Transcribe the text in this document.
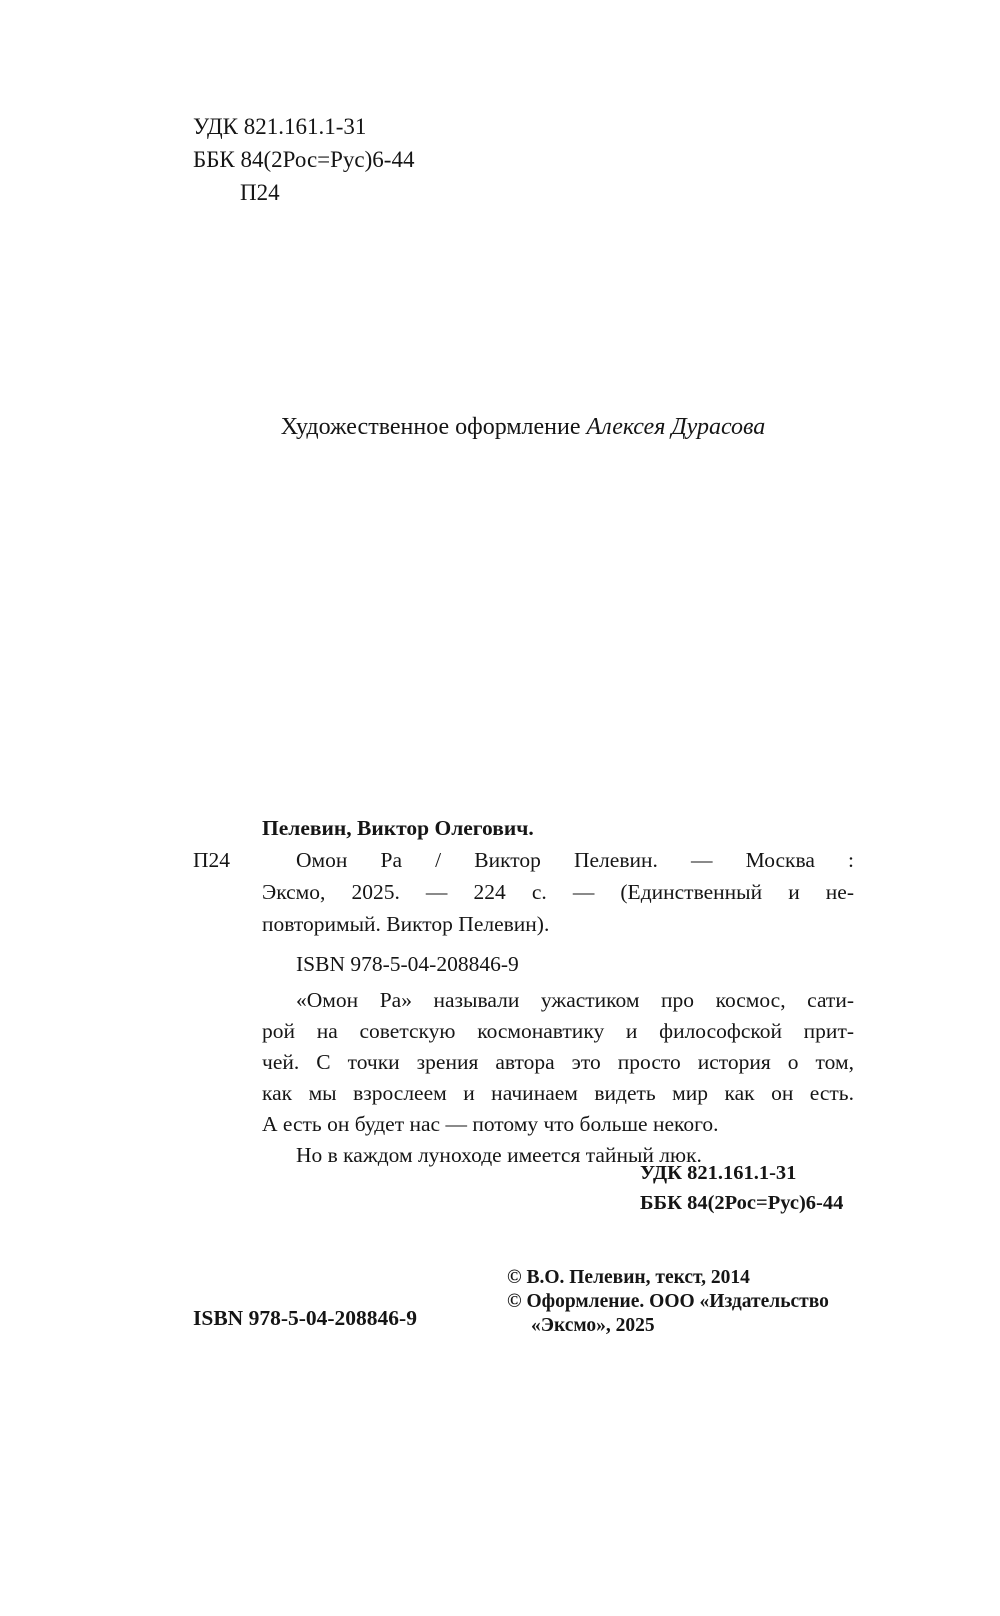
УДК 821.161.1-31
ББК 84(2Рос=Рус)6-44
П24
Художественное оформление Алексея Дурасова
П24
Пелевин, Виктор Олегович.
Омон Ра / Виктор Пелевин. — Москва :
Эксмо, 2025. — 224 с. — (Единственный и не-
повторимый. Виктор Пелевин).
ISBN 978-5-04-208846-9
«Омон Ра» называли ужастиком про космос, сати-
рой на советскую космонавтику и философской прит-
чей. С точки зрения автора это просто история о том,
как мы взрослеем и начинаем видеть мир как он есть.
А есть он будет нас — потому что больше некого.
Но в каждом луноходе имеется тайный люк.
УДК 821.161.1-31
ББК 84(2Рос=Рус)6-44
ISBN 978-5-04-208846-9
© В.О. Пелевин, текст, 2014
© Оформление. ООО «Издательство
«Эксмо», 2025
